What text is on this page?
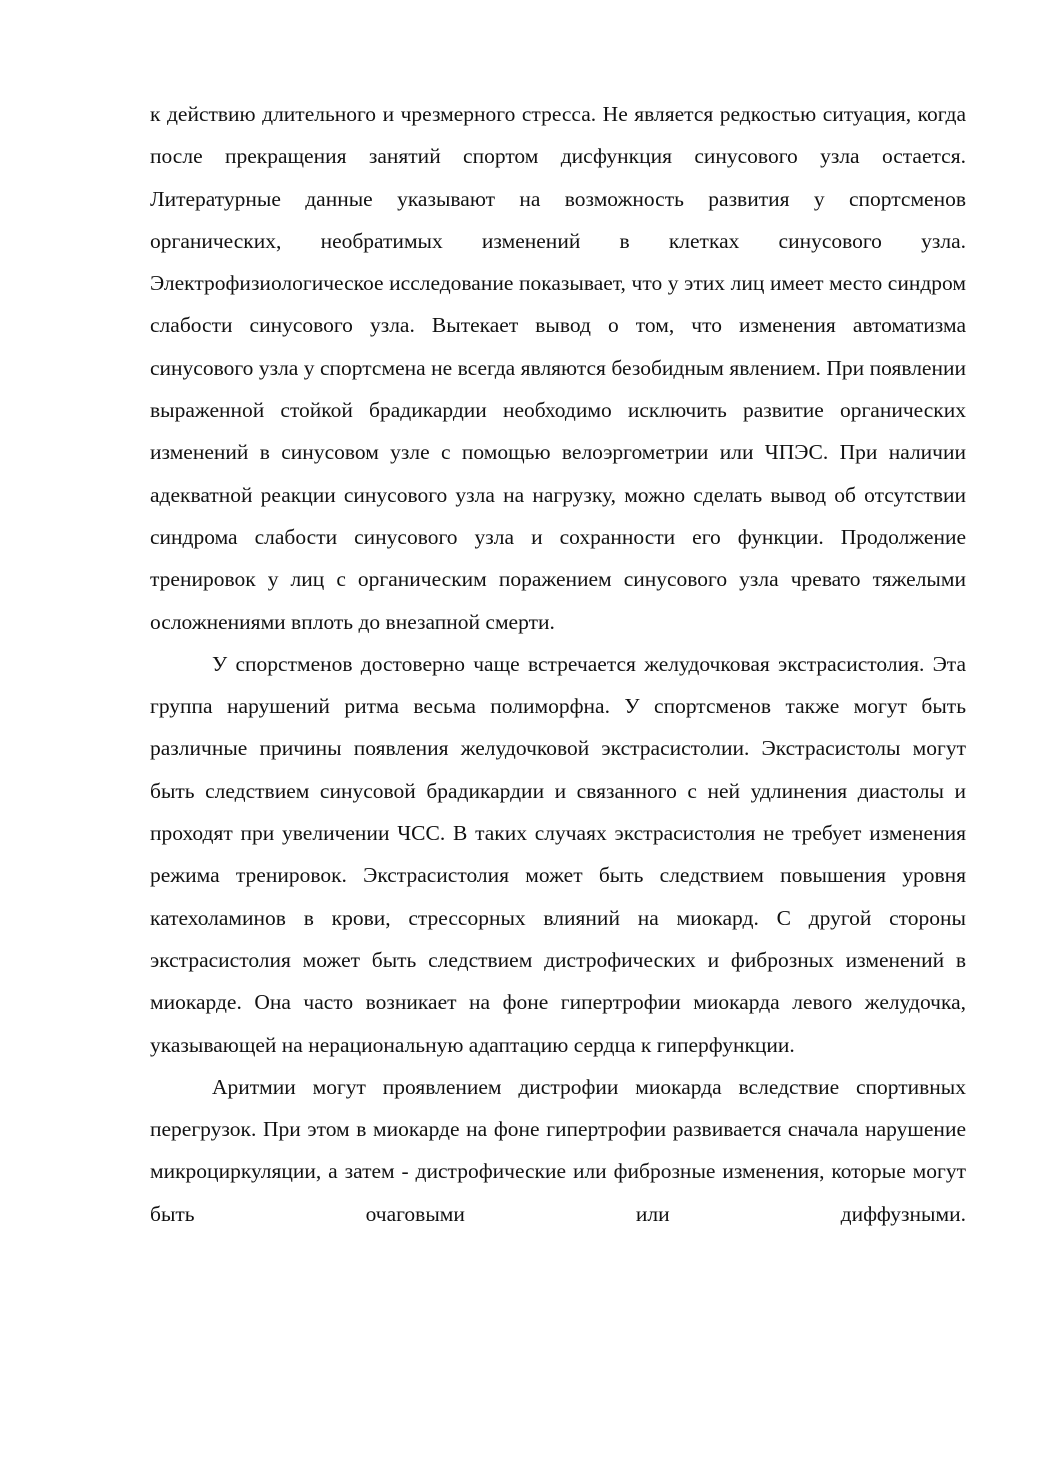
к действию длительного и чрезмерного стресса. Не является редкостью ситуация, когда после прекращения занятий спортом дисфункция синусового узла остается. Литературные данные указывают на возможность развития у спортсменов органических, необратимых изменений в клетках синусового узла. Электрофизиологическое исследование показывает, что у этих лиц имеет место синдром слабости синусового узла. Вытекает вывод о том, что изменения автоматизма синусового узла у спортсмена не всегда являются безобидным явлением. При появлении выраженной стойкой брадикардии необходимо исключить развитие органических изменений в синусовом узле с помощью велоэргометрии или ЧПЭС. При наличии адекватной реакции синусового узла на нагрузку, можно сделать вывод об отсутствии синдрома слабости синусового узла и сохранности его функции. Продолжение тренировок у лиц с органическим поражением синусового узла чревато тяжелыми осложнениями вплоть до внезапной смерти.

У спорстменов достоверно чаще встречается желудочковая экстрасистолия. Эта группа нарушений ритма весьма полиморфна. У спортсменов также могут быть различные причины появления желудочковой экстрасистолии. Экстрасистолы могут быть следствием синусовой брадикардии и связанного с ней удлинения диастолы и проходят при увеличении ЧСС. В таких случаях экстрасистолия не требует изменения режима тренировок. Экстрасистолия может быть следствием повышения уровня катехоламинов в крови, стрессорных влияний на миокард. С другой стороны экстрасистолия может быть следствием дистрофических и фиброзных изменений в миокарде. Она часто возникает на фоне гипертрофии миокарда левого желудочка, указывающей на нерациональную адаптацию сердца к гиперфункции.

Аритмии могут проявлением дистрофии миокарда вследствие спортивных перегрузок. При этом в миокарде на фоне гипертрофии развивается сначала нарушение микроциркуляции, а затем - дистрофические или фиброзные изменения, которые могут быть очаговыми или диффузными.
